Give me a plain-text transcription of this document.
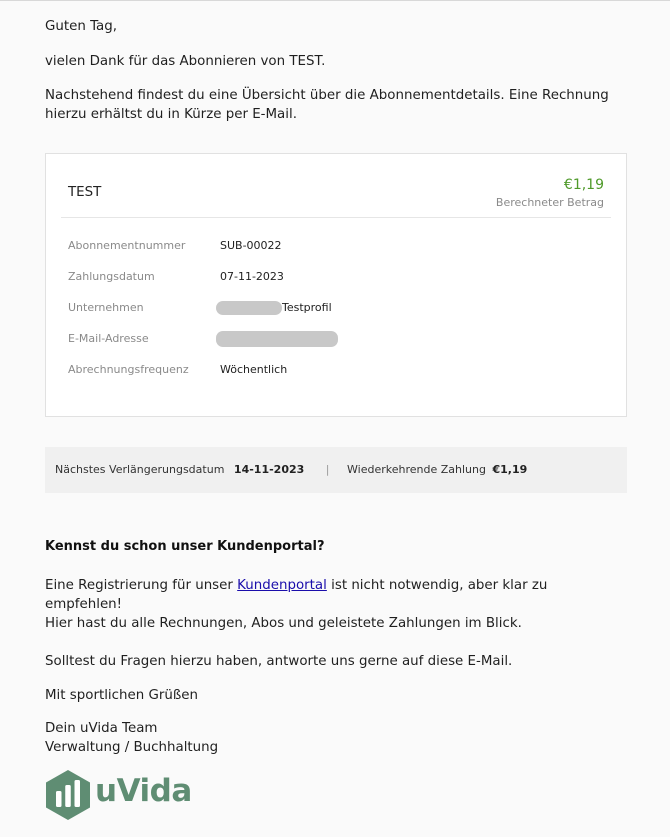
Guten Tag,

vielen Dank für das Abonnieren von TEST.

Nachstehend findest du eine Übersicht über die Abonnementdetails. Eine Rechnung
hierzu erhältst du in Kürze per E-Mail.
TEST	€1,19
Berechneter Betrag
Abonnementnummer	SUB-00022
Zahlungsdatum	07-11-2023
Unternehmen	Testprofil
E-Mail-Adresse
Abrechnungsfrequenz	Wöchentlich
Nächstes Verlängerungsdatum 14-11-2023 | Wiederkehrende Zahlung €1,19
Kennst du schon unser Kundenportal?
Eine Registrierung für unser Kundenportal ist nicht notwendig, aber klar zu empfehlen!
Hier hast du alle Rechnungen, Abos und geleistete Zahlungen im Blick.

Solltest du Fragen hierzu haben, antworte uns gerne auf diese E-Mail.

Mit sportlichen Grüßen

Dein uVida Team
Verwaltung / Buchhaltung
uVida
